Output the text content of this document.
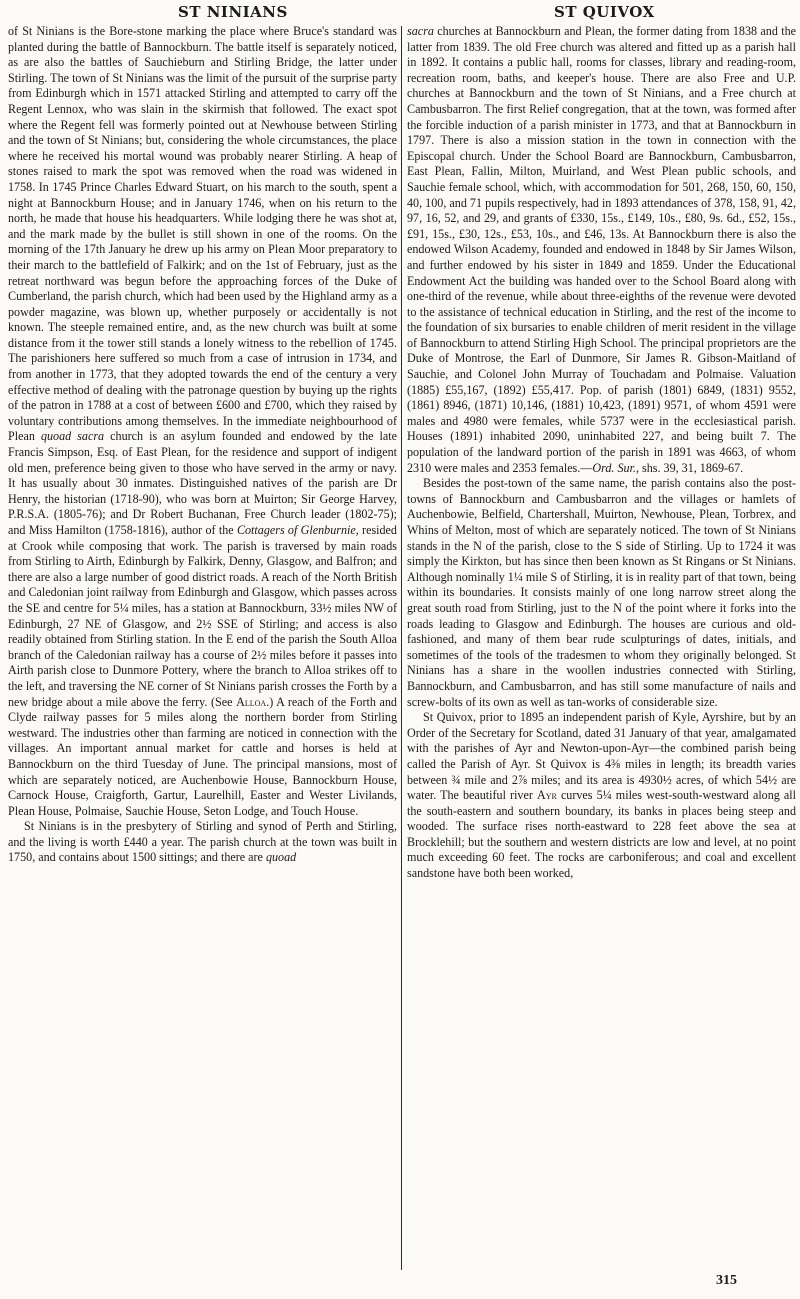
ST NINIANS	ST QUIVOX

of St Ninians is the Bore-stone marking the place where Bruce's standard was planted during the battle of Bannockburn. The battle itself is separately noticed, as are also the battles of Sauchieburn and Stirling Bridge, the latter under Stirling. The town of St Ninians was the limit of the pursuit of the surprise party from Edinburgh which in 1571 attacked Stirling and attempted to carry off the Regent Lennox, who was slain in the skirmish that followed. The exact spot where the Regent fell was formerly pointed out at Newhouse between Stirling and the town of St Ninians; but, considering the whole circumstances, the place where he received his mortal wound was probably nearer Stirling. A heap of stones raised to mark the spot was removed when the road was widened in 1758. In 1745 Prince Charles Edward Stuart, on his march to the south, spent a night at Bannockburn House; and in January 1746, when on his return to the north, he made that house his headquarters. While lodging there he was shot at, and the mark made by the bullet is still shown in one of the rooms. On the morning of the 17th January he drew up his army on Plean Moor preparatory to their march to the battlefield of Falkirk; and on the 1st of February, just as the retreat northward was begun before the approaching forces of the Duke of Cumberland, the parish church, which had been used by the Highland army as a powder magazine, was blown up, whether purposely or accidentally is not known. The steeple remained entire, and, as the new church was built at some distance from it the tower still stands a lonely witness to the rebellion of 1745. The parishioners here suffered so much from a case of intrusion in 1734, and from another in 1773, that they adopted towards the end of the century a very effective method of dealing with the patronage question by buying up the rights of the patron in 1788 at a cost of between £600 and £700, which they raised by voluntary contributions among themselves. In the immediate neighbourhood of Plean quoad sacra church is an asylum founded and endowed by the late Francis Simpson, Esq. of East Plean, for the residence and support of indigent old men, preference being given to those who have served in the army or navy. It has usually about 30 inmates. Distinguished natives of the parish are Dr Henry, the historian (1718-90), who was born at Muirton; Sir George Harvey, P.R.S.A. (1805-76); and Dr Robert Buchanan, Free Church leader (1802-75); and Miss Hamilton (1758-1816), author of the Cottagers of Glenburnie, resided at Crook while composing that work. The parish is traversed by main roads from Stirling to Airth, Edinburgh by Falkirk, Denny, Glasgow, and Balfron; and there are also a large number of good district roads. A reach of the North British and Caledonian joint railway from Edinburgh and Glasgow, which passes across the SE and centre for 5¼ miles, has a station at Bannockburn, 33½ miles NW of Edinburgh, 27 NE of Glasgow, and 2½ SSE of Stirling; and access is also readily obtained from Stirling station. In the E end of the parish the South Alloa branch of the Caledonian railway has a course of 2½ miles before it passes into Airth parish close to Dunmore Pottery, where the branch to Alloa strikes off to the left, and traversing the NE corner of St Ninians parish crosses the Forth by a new bridge about a mile above the ferry. (See Alloa.) A reach of the Forth and Clyde railway passes for 5 miles along the northern border from Stirling westward. The industries other than farming are noticed in connection with the villages. An important annual market for cattle and horses is held at Bannockburn on the third Tuesday of June. The principal mansions, most of which are separately noticed, are Auchenbowie House, Bannockburn House, Carnock House, Craigforth, Gartur, Laurelhill, Easter and Wester Livilands, Plean House, Polmaise, Sauchie House, Seton Lodge, and Touch House.

St Ninians is in the presbytery of Stirling and synod of Perth and Stirling, and the living is worth £440 a year. The parish church at the town was built in 1750, and contains about 1500 sittings; and there are quoad

sacra churches at Bannockburn and Plean, the former dating from 1838 and the latter from 1839. The old Free church was altered and fitted up as a parish hall in 1892. It contains a public hall, rooms for classes, library and reading-room, recreation room, baths, and keeper's house. There are also Free and U.P. churches at Bannockburn and the town of St Ninians, and a Free church at Cambusbarron. The first Relief congregation, that at the town, was formed after the forcible induction of a parish minister in 1773, and that at Bannockburn in 1797. There is also a mission station in the town in connection with the Episcopal church. Under the School Board are Bannockburn, Cambusbarron, East Plean, Fallin, Milton, Muirland, and West Plean public schools, and Sauchie female school, which, with accommodation for 501, 268, 150, 60, 150, 40, 100, and 71 pupils respectively, had in 1893 attendances of 378, 158, 91, 42, 97, 16, 52, and 29, and grants of £330, 15s., £149, 10s., £80, 9s. 6d., £52, 15s., £91, 15s., £30, 12s., £53, 10s., and £46, 13s. At Bannockburn there is also the endowed Wilson Academy, founded and endowed in 1848 by Sir James Wilson, and further endowed by his sister in 1849 and 1859. Under the Educational Endowment Act the building was handed over to the School Board along with one-third of the revenue, while about three-eighths of the revenue were devoted to the assistance of technical education in Stirling, and the rest of the income to the foundation of six bursaries to enable children of merit resident in the village of Bannockburn to attend Stirling High School. The principal proprietors are the Duke of Montrose, the Earl of Dunmore, Sir James R. Gibson-Maitland of Sauchie, and Colonel John Murray of Touchadam and Polmaise. Valuation (1885) £55,167, (1892) £55,417. Pop. of parish (1801) 6849, (1831) 9552, (1861) 8946, (1871) 10,146, (1881) 10,423, (1891) 9571, of whom 4591 were males and 4980 were females, while 5737 were in the ecclesiastical parish. Houses (1891) inhabited 2090, uninhabited 227, and being built 7. The population of the landward portion of the parish in 1891 was 4663, of whom 2310 were males and 2353 females.—Ord. Sur., shs. 39, 31, 1869-67.

Besides the post-town of the same name, the parish contains also the post-towns of Bannockburn and Cambusbarron and the villages or hamlets of Auchenbowie, Belfield, Chartershall, Muirton, Newhouse, Plean, Torbrex, and Whins of Melton, most of which are separately noticed. The town of St Ninians stands in the N of the parish, close to the S side of Stirling. Up to 1724 it was simply the Kirkton, but has since then been known as St Ringans or St Ninians. Although nominally 1¼ mile S of Stirling, it is in reality part of that town, being within its boundaries. It consists mainly of one long narrow street along the great south road from Stirling, just to the N of the point where it forks into the roads leading to Glasgow and Edinburgh. The houses are curious and old-fashioned, and many of them bear rude sculpturings of dates, initials, and sometimes of the tools of the tradesmen to whom they originally belonged. St Ninians has a share in the woollen industries connected with Stirling, Bannockburn, and Cambusbarron, and has still some manufacture of nails and screw-bolts of its own as well as tan-works of considerable size.

St Quivox, prior to 1895 an independent parish of Kyle, Ayrshire, but by an Order of the Secretary for Scotland, dated 31 January of that year, amalgamated with the parishes of Ayr and Newton-upon-Ayr—the combined parish being called the Parish of Ayr. St Quivox is 4⅜ miles in length; its breadth varies between ¾ mile and 2⅞ miles; and its area is 4930½ acres, of which 54½ are water. The beautiful river Ayr curves 5¼ miles west-south-westward along all the south-eastern and southern boundary, its banks in places being steep and wooded. The surface rises north-eastward to 228 feet above the sea at Brocklehill; but the southern and western districts are low and level, at no point much exceeding 60 feet. The rocks are carboniferous; and coal and excellent sandstone have both been worked,

315
